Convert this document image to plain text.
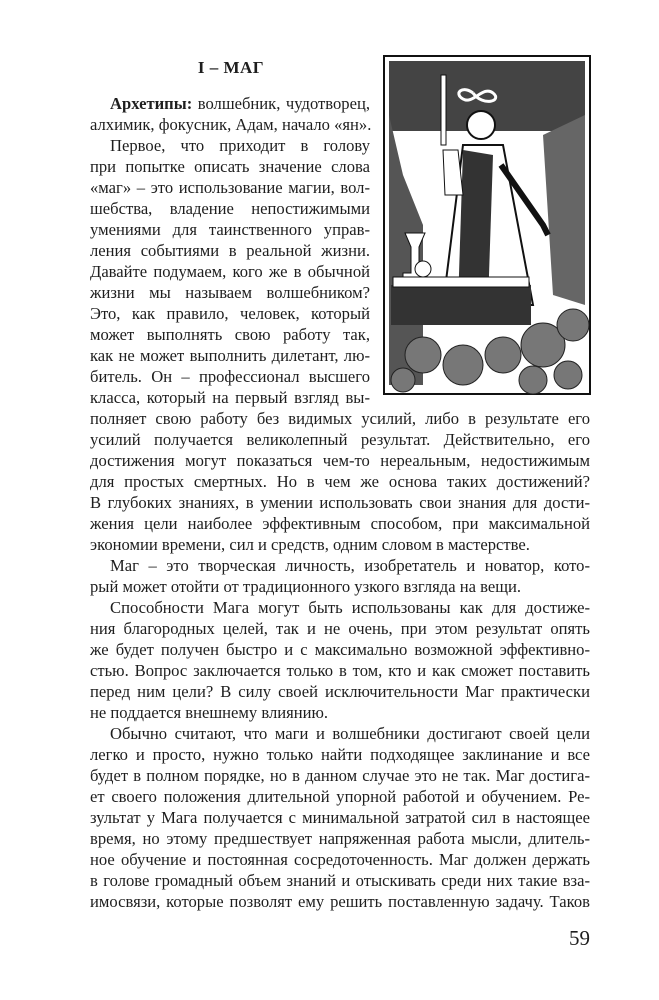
I – МАГ
Архетипы: волшебник, чудотворец,
алхимик, фокусник, Адам, начало «ян».
Первое, что приходит в голову
при попытке описать значение слова
«маг» – это использование магии, вол-
шебства, владение непостижимыми
умениями для таинственного управ-
ления событиями в реальной жизни.
Давайте подумаем, кого же в обычной
жизни мы называем волшебником?
Это, как правило, человек, который
может выполнять свою работу так,
как не может выполнить дилетант, лю-
битель. Он – профессионал высшего
класса, который на первый взгляд вы-
полняет свою работу без видимых усилий, либо в результате его
усилий получается великолепный результат. Действительно, его
достижения могут показаться чем-то нереальным, недостижимым
для простых смертных. Но в чем же основа таких достижений?
В глубоких знаниях, в умении использовать свои знания для дости-
жения цели наиболее эффективным способом, при максимальной
экономии времени, сил и средств, одним словом в мастерстве.
Маг – это творческая личность, изобретатель и новатор, кото-
рый может отойти от традиционного узкого взгляда на вещи.
Способности Мага могут быть использованы как для достиже-
ния благородных целей, так и не очень, при этом результат опять
же будет получен быстро и с максимально возможной эффективно-
стью. Вопрос заключается только в том, кто и как сможет поставить
перед ним цели? В силу своей исключительности Маг практически
не поддается внешнему влиянию.
Обычно считают, что маги и волшебники достигают своей цели
легко и просто, нужно только найти подходящее заклинание и все
будет в полном порядке, но в данном случае это не так. Маг достига-
ет своего положения длительной упорной работой и обучением. Ре-
зультат у Мага получается с минимальной затратой сил в настоящее
время, но этому предшествует напряженная работа мысли, длитель-
ное обучение и постоянная сосредоточенность. Маг должен держать
в голове громадный объем знаний и отыскивать среди них такие вза-
имосвязи, которые позволят ему решить поставленную задачу. Таков
59
